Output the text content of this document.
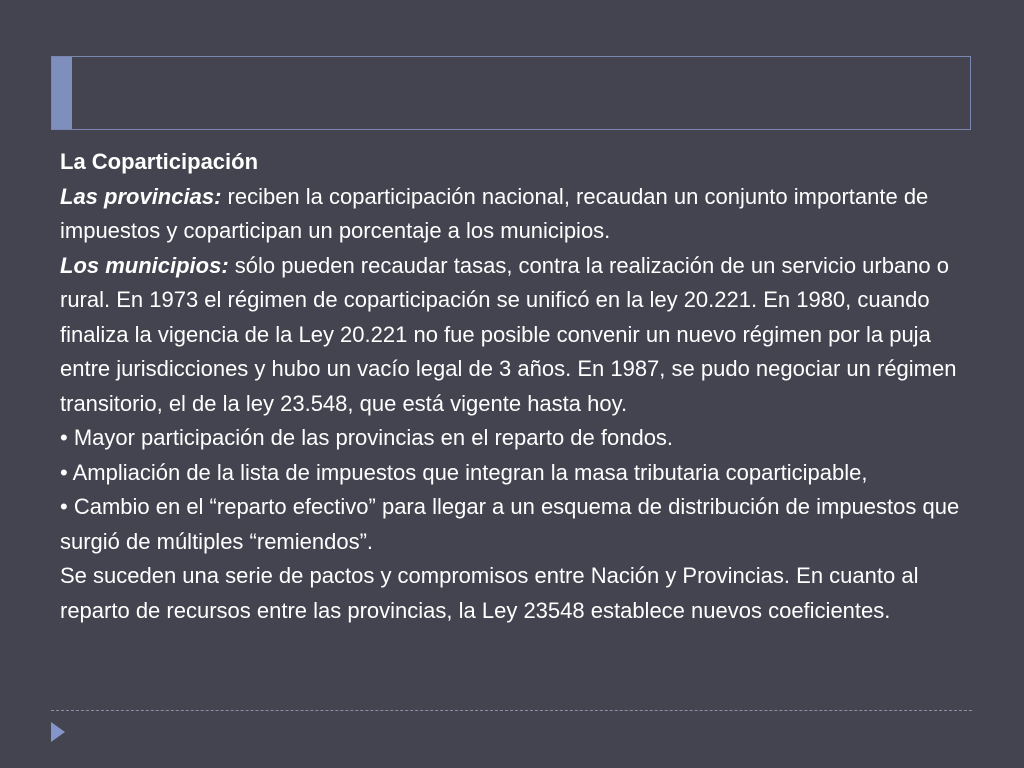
La Coparticipación

Las provincias: reciben la coparticipación nacional, recaudan un conjunto importante de impuestos y coparticipan un porcentaje a los municipios.

Los municipios: sólo pueden recaudar tasas, contra la realización de un servicio urbano o rural. En 1973 el régimen de coparticipación se unificó en la ley 20.221. En 1980, cuando finaliza la vigencia de la Ley 20.221 no fue posible convenir un nuevo régimen por la puja entre jurisdicciones y hubo un vacío legal de 3 años. En 1987, se pudo negociar un régimen transitorio, el de la ley 23.548, que está vigente hasta hoy.

• Mayor participación de las provincias en el reparto de fondos.

• Ampliación de la lista de impuestos que integran la masa tributaria coparticipable,

• Cambio en el “reparto efectivo” para llegar a un esquema de distribución de impuestos que surgió de múltiples “remiendos”.

Se suceden una serie de pactos y compromisos entre Nación y Provincias. En cuanto al reparto de recursos entre las provincias, la Ley 23548 establece nuevos coeficientes.
